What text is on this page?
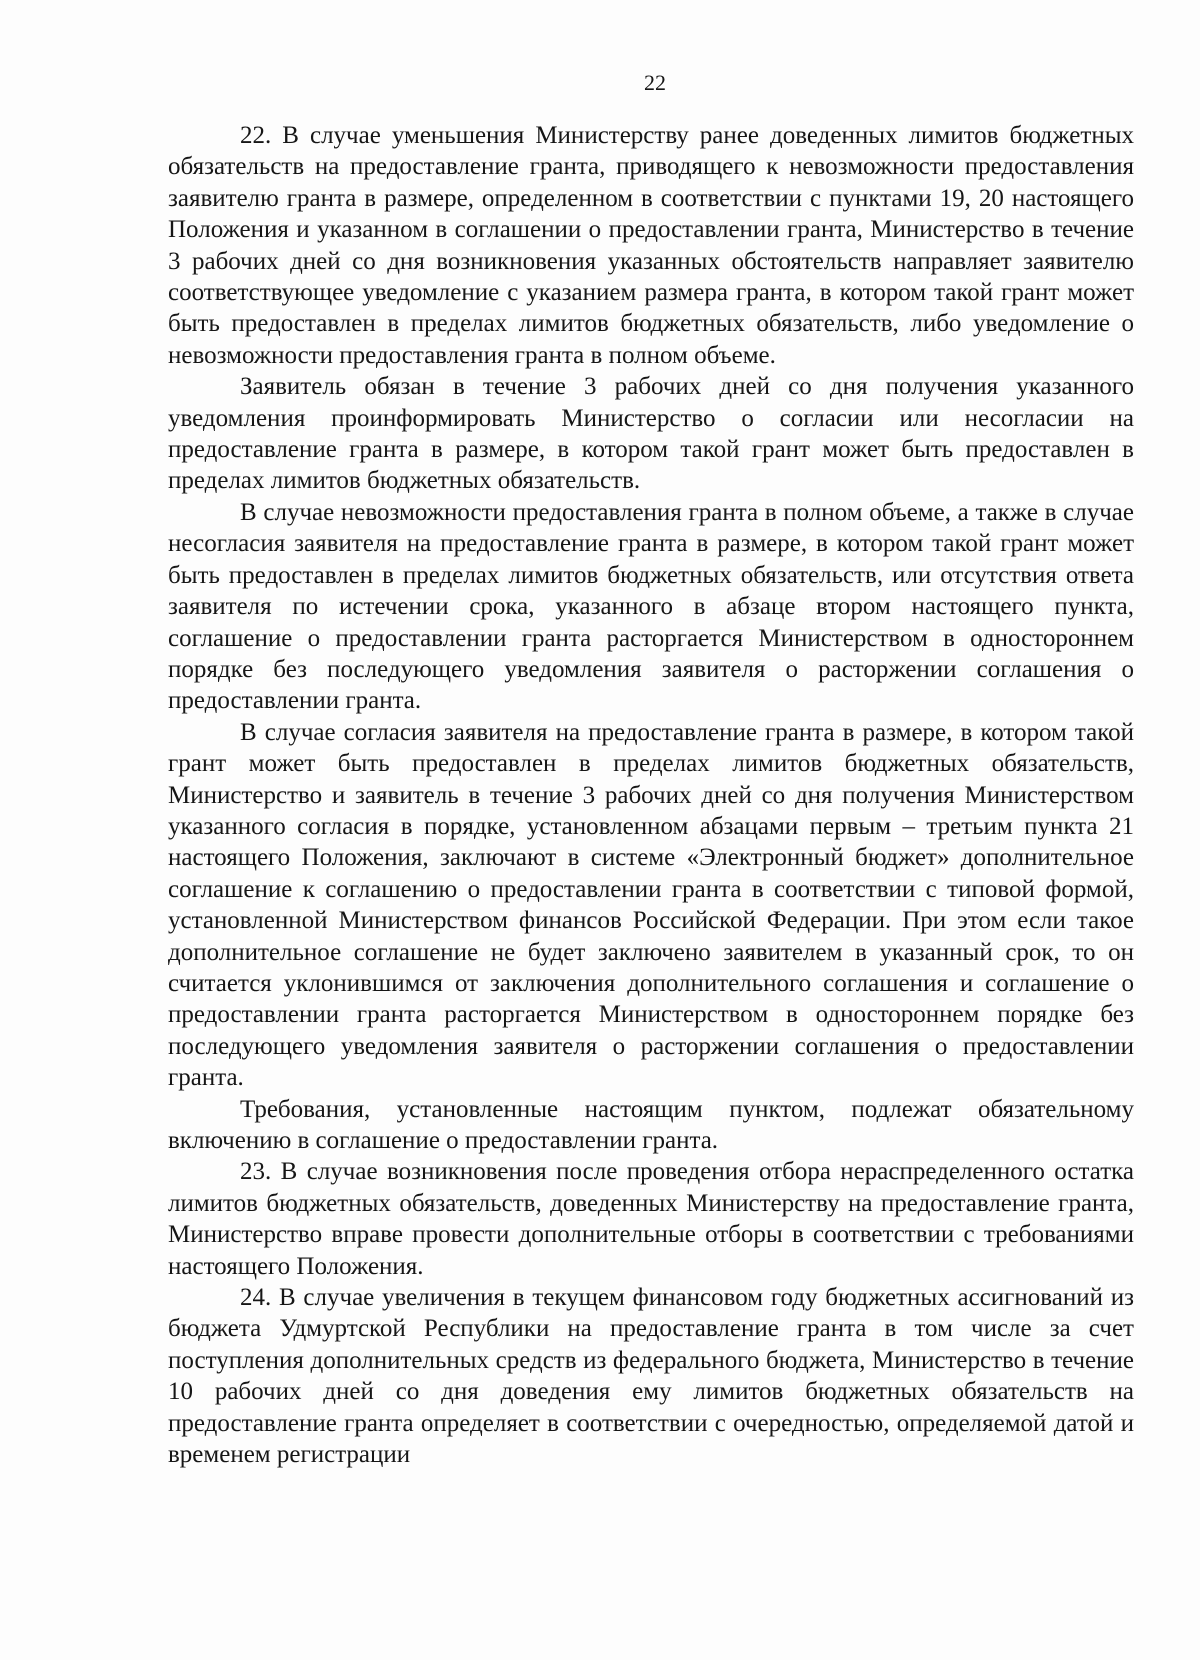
22

22. В случае уменьшения Министерству ранее доведенных лимитов бюджетных обязательств на предоставление гранта, приводящего к невозможности предоставления заявителю гранта в размере, определенном в соответствии с пунктами 19, 20 настоящего Положения и указанном в соглашении о предоставлении гранта, Министерство в течение 3 рабочих дней со дня возникновения указанных обстоятельств направляет заявителю соответствующее уведомление с указанием размера гранта, в котором такой грант может быть предоставлен в пределах лимитов бюджетных обязательств, либо уведомление о невозможности предоставления гранта в полном объеме.

Заявитель обязан в течение 3 рабочих дней со дня получения указанного уведомления проинформировать Министерство о согласии или несогласии на предоставление гранта в размере, в котором такой грант может быть предоставлен в пределах лимитов бюджетных обязательств.

В случае невозможности предоставления гранта в полном объеме, а также в случае несогласия заявителя на предоставление гранта в размере, в котором такой грант может быть предоставлен в пределах лимитов бюджетных обязательств, или отсутствия ответа заявителя по истечении срока, указанного в абзаце втором настоящего пункта, соглашение о предоставлении гранта расторгается Министерством в одностороннем порядке без последующего уведомления заявителя о расторжении соглашения о предоставлении гранта.

В случае согласия заявителя на предоставление гранта в размере, в котором такой грант может быть предоставлен в пределах лимитов бюджетных обязательств, Министерство и заявитель в течение 3 рабочих дней со дня получения Министерством указанного согласия в порядке, установленном абзацами первым – третьим пункта 21 настоящего Положения, заключают в системе «Электронный бюджет» дополнительное соглашение к соглашению о предоставлении гранта в соответствии с типовой формой, установленной Министерством финансов Российской Федерации. При этом если такое дополнительное соглашение не будет заключено заявителем в указанный срок, то он считается уклонившимся от заключения дополнительного соглашения и соглашение о предоставлении гранта расторгается Министерством в одностороннем порядке без последующего уведомления заявителя о расторжении соглашения о предоставлении гранта.

Требования, установленные настоящим пунктом, подлежат обязательному включению в соглашение о предоставлении гранта.

23. В случае возникновения после проведения отбора нераспределенного остатка лимитов бюджетных обязательств, доведенных Министерству на предоставление гранта, Министерство вправе провести дополнительные отборы в соответствии с требованиями настоящего Положения.

24. В случае увеличения в текущем финансовом году бюджетных ассигнований из бюджета Удмуртской Республики на предоставление гранта в том числе за счет поступления дополнительных средств из федерального бюджета, Министерство в течение 10 рабочих дней со дня доведения ему лимитов бюджетных обязательств на предоставление гранта определяет в соответствии с очередностью, определяемой датой и временем регистрации
